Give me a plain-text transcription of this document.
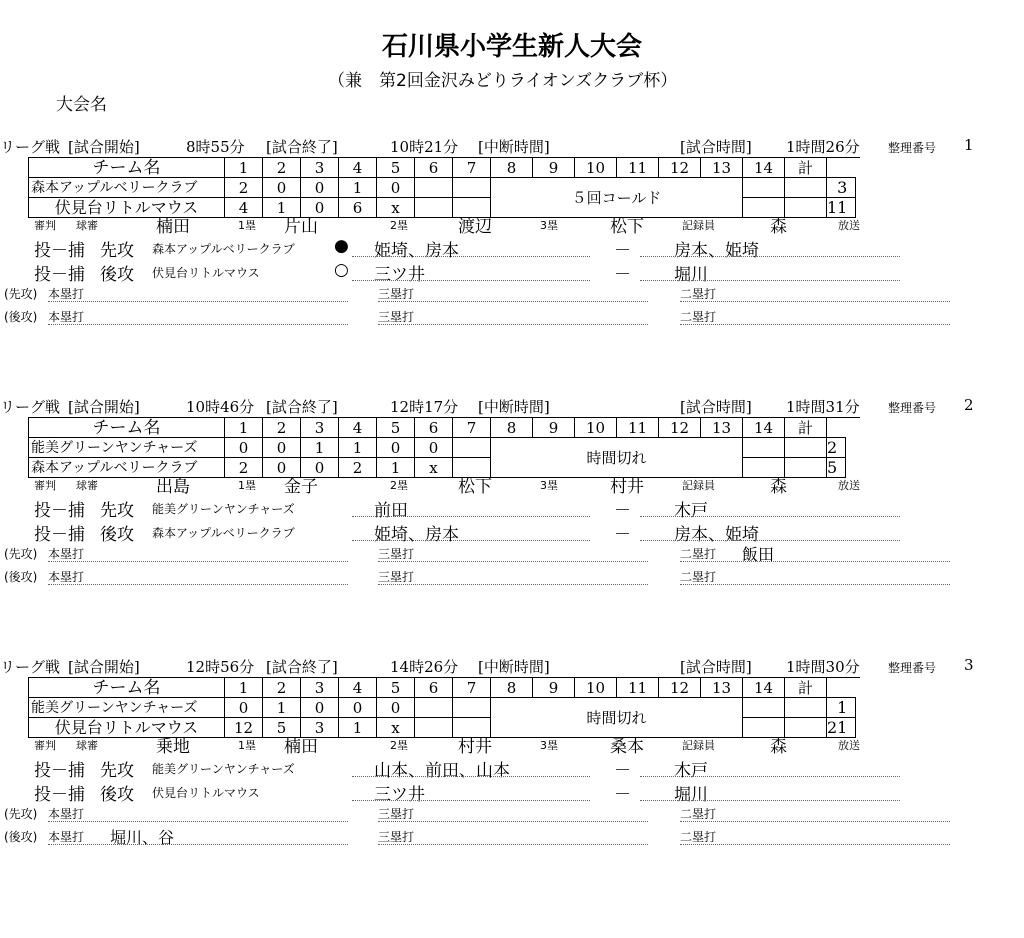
石川県小学生新人大会
（兼　第2回金沢みどりライオンズクラブ杯）
大会名
リーグ戦 [試合開始]	8時55分 [試合終了]	10時21分 [中断時間]	[試合時間] 1時間26分 整理番号 1
チーム名	1	2	3	4	5	6	7	8	9	10	11	12	13	14	計	
森本アップルベリークラブ	2	0	0	1	0			５回コールド								3
伏見台リトルマウス	4	1	0	6	x											11
審判 球審	楠田	1塁 片山	2塁	渡辺	3塁	松下	記録員	森	放送
投－捕 先攻 森本アップルベリークラブ ● 姫埼、房本	－	房本、姫埼
投－捕 後攻 伏見台リトルマウス	○ 三ツ井	－	堀川
(先攻) 本塁打	三塁打	二塁打
(後攻) 本塁打	三塁打	二塁打
リーグ戦 [試合開始]	10時46分 [試合終了]	12時17分 [中断時間]	[試合時間] 1時間31分 整理番号 2
チーム名	1	2	3	4	5	6	7	8	9	10	11	12	13	14	計	
能美グリーンヤンチャーズ	0	0	1	1	0	0		時間切れ								2
森本アップルベリークラブ	2	0	0	2	1	x										5
審判 球審	出島	1塁 金子	2塁	松下	3塁	村井	記録員	森	放送
投－捕 先攻 能美グリーンヤンチャーズ	前田	－	木戸
投－捕 後攻 森本アップルベリークラブ	姫埼、房本	－	房本、姫埼
(先攻) 本塁打	三塁打	二塁打 飯田
(後攻) 本塁打	三塁打	二塁打
リーグ戦 [試合開始]	12時56分 [試合終了]	14時26分 [中断時間]	[試合時間] 1時間30分 整理番号 3
チーム名	1	2	3	4	5	6	7	8	9	10	11	12	13	14	計	
能美グリーンヤンチャーズ	0	1	0	0	0			時間切れ								1
伏見台リトルマウス	12	5	3	1	x											21
審判 球審	乗地	1塁 楠田	2塁	村井	3塁	桑本	記録員	森	放送
投－捕 先攻 能美グリーンヤンチャーズ	山本、前田、山本	－	木戸
投－捕 後攻 伏見台リトルマウス	三ツ井	－	堀川
(先攻) 本塁打	三塁打	二塁打
(後攻) 本塁打 堀川、谷	三塁打	二塁打
